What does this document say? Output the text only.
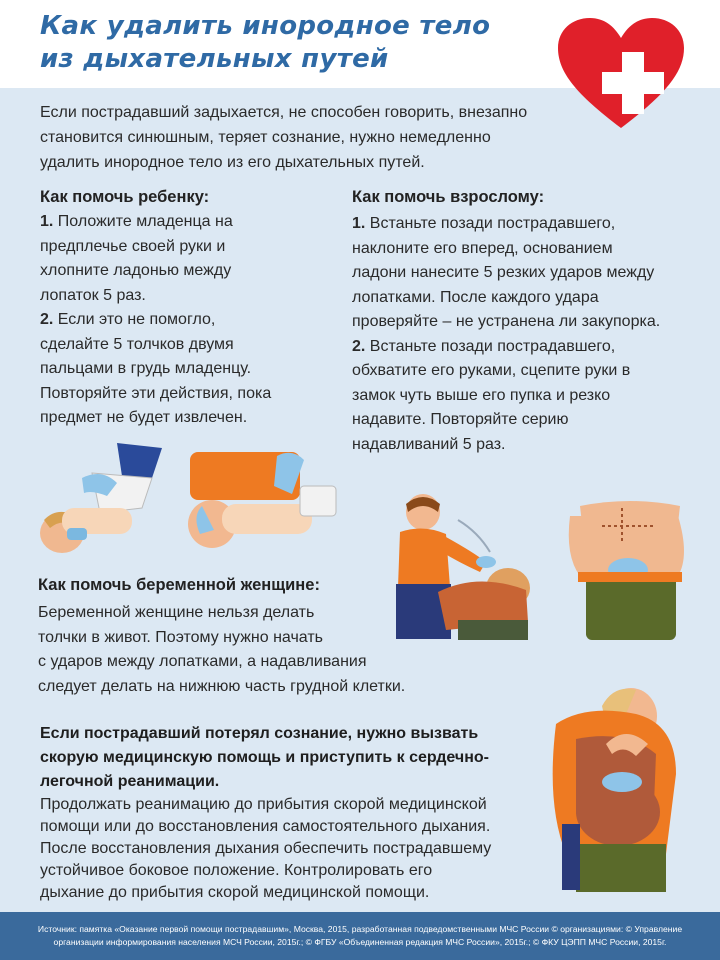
Как удалить инородное тело
из дыхательных путей
Если пострадавший задыхается, не способен говорить, внезапно
становится синюшным, теряет сознание, нужно немедленно
удалить инородное тело из его дыхательных путей.
Как помочь ребенку:
1. Положите младенца на
предплечье своей руки и
хлопните ладонью между
лопаток 5 раз.
2. Если это не помогло,
сделайте 5 толчков двумя
пальцами в грудь младенцу.
Повторяйте эти действия, пока
предмет не будет извлечен.
Как помочь взрослому:
1. Встаньте позади пострадавшего,
наклоните его вперед, основанием
ладони нанесите 5 резких ударов между
лопатками. После каждого удара
проверяйте – не устранена ли закупорка.
2. Встаньте позади пострадавшего,
обхватите его руками, сцепите руки в
замок чуть выше его пупка и резко
надавите. Повторяйте серию
надавливаний 5 раз.
Как помочь беременной женщине:
Беременной женщине нельзя делать
толчки в живот. Поэтому нужно начать
с ударов между лопатками, а надавливания
следует делать на нижнюю часть грудной клетки.
Если пострадавший потерял сознание, нужно вызвать
скорую медицинскую помощь и приступить к сердечно-
легочной реанимации.
Продолжать реанимацию до прибытия скорой медицинской
помощи или до восстановления самостоятельного дыхания.
После восстановления дыхания обеспечить пострадавшему
устойчивое боковое положение. Контролировать его
дыхание до прибытия скорой медицинской помощи.
Источник: памятка «Оказание первой помощи пострадавшим», Москва, 2015, разработанная подведомственными МЧС России © организациями: © Управление
организации информирования населения МСЧ России, 2015г.; © ФГБУ «Объединенная редакция МЧС России», 2015г.; © ФКУ ЦЭПП МЧС России, 2015г.
